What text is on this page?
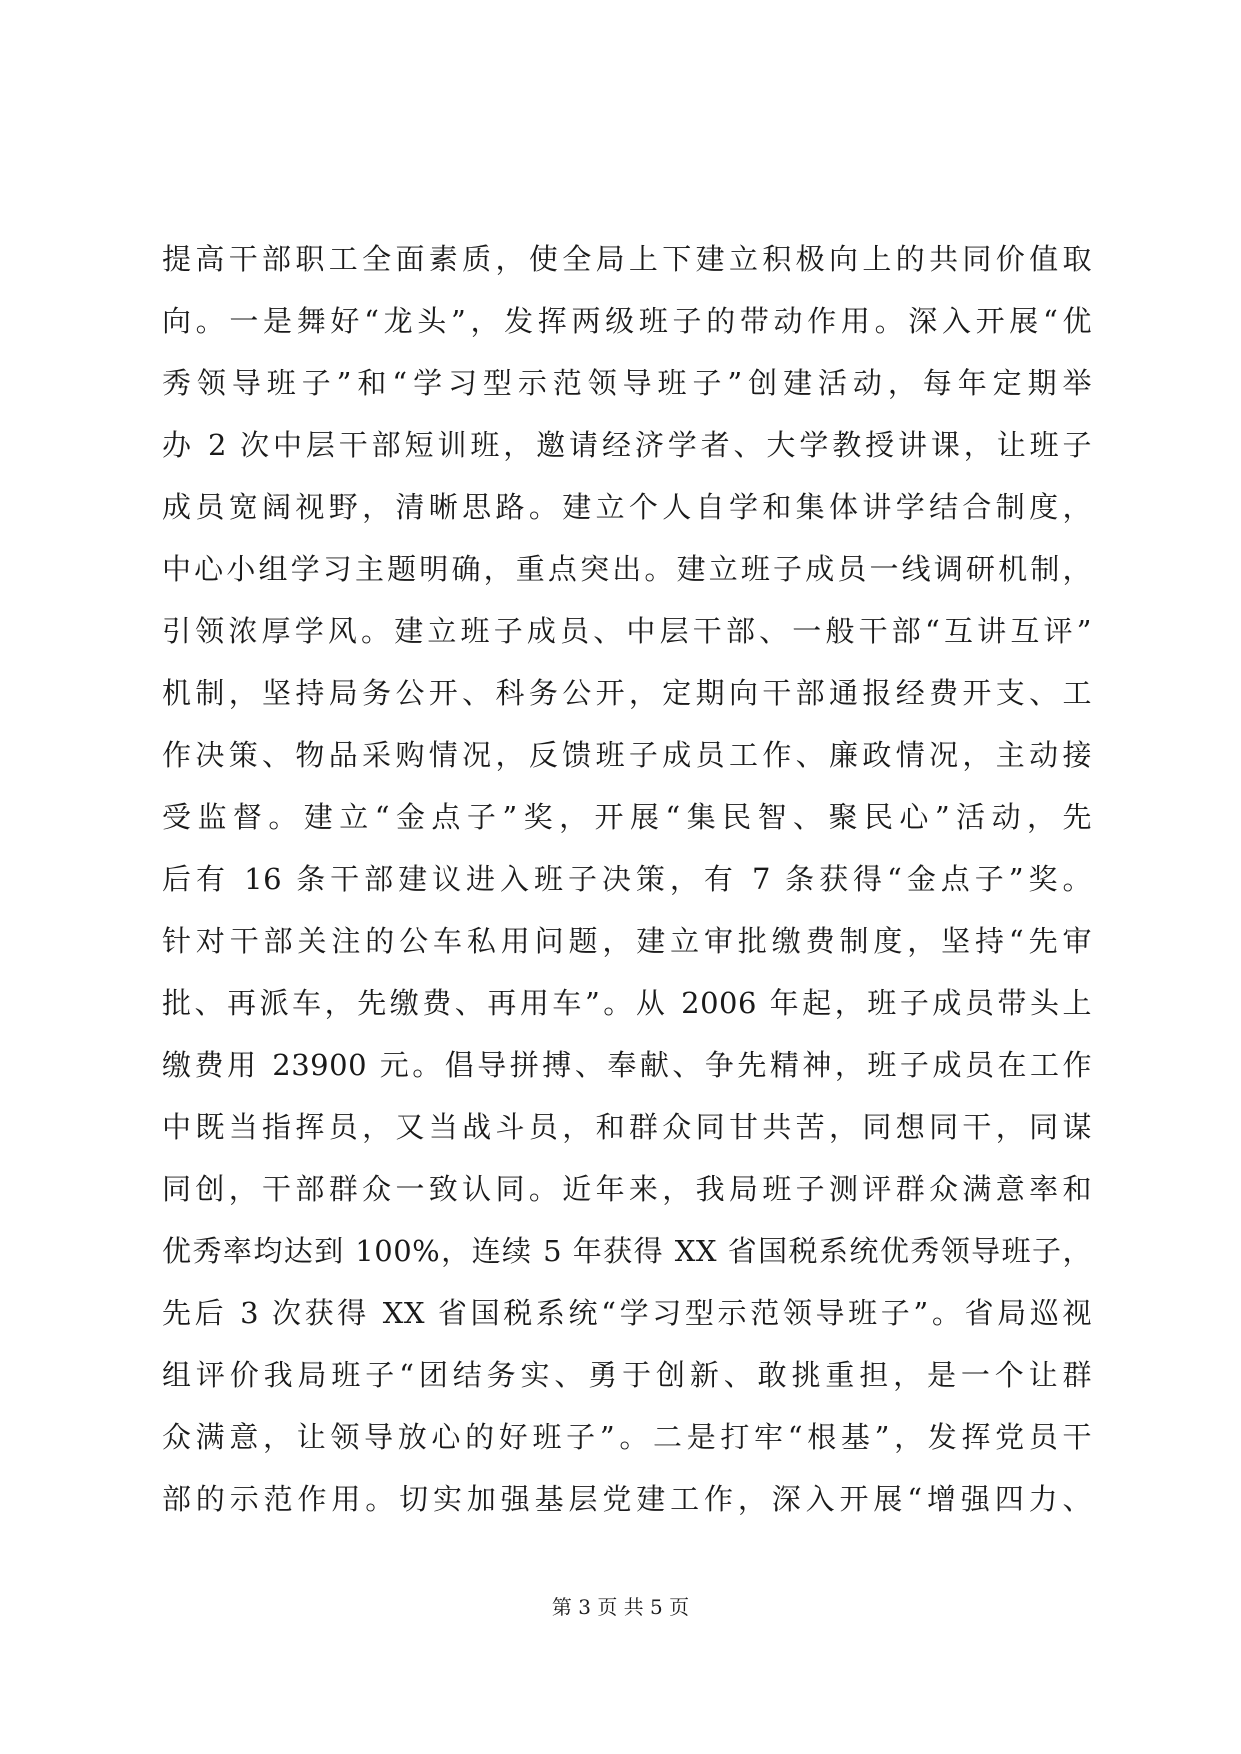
提高干部职工全面素质，使全局上下建立积极向上的共同价值取
向。一是舞好“龙头”，发挥两级班子的带动作用。深入开展“优
秀领导班子”和“学习型示范领导班子”创建活动，每年定期举
办 2 次中层干部短训班，邀请经济学者、大学教授讲课，让班子
成员宽阔视野，清晰思路。建立个人自学和集体讲学结合制度，
中心小组学习主题明确，重点突出。建立班子成员一线调研机制，
引领浓厚学风。建立班子成员、中层干部、一般干部“互讲互评”
机制，坚持局务公开、科务公开，定期向干部通报经费开支、工
作决策、物品采购情况，反馈班子成员工作、廉政情况，主动接
受监督。建立“金点子”奖，开展“集民智、聚民心”活动，先
后有 16 条干部建议进入班子决策，有 7 条获得“金点子”奖。
针对干部关注的公车私用问题，建立审批缴费制度，坚持“先审
批、再派车，先缴费、再用车”。从 2006 年起，班子成员带头上
缴费用 23900 元。倡导拼搏、奉献、争先精神，班子成员在工作
中既当指挥员，又当战斗员，和群众同甘共苦，同想同干，同谋
同创，干部群众一致认同。近年来，我局班子测评群众满意率和
优秀率均达到 100%，连续 5 年获得 XX 省国税系统优秀领导班子，
先后 3 次获得 XX 省国税系统“学习型示范领导班子”。省局巡视
组评价我局班子“团结务实、勇于创新、敢挑重担，是一个让群
众满意，让领导放心的好班子”。二是打牢“根基”，发挥党员干
部的示范作用。切实加强基层党建工作，深入开展“增强四力、
第 3 页 共 5 页
